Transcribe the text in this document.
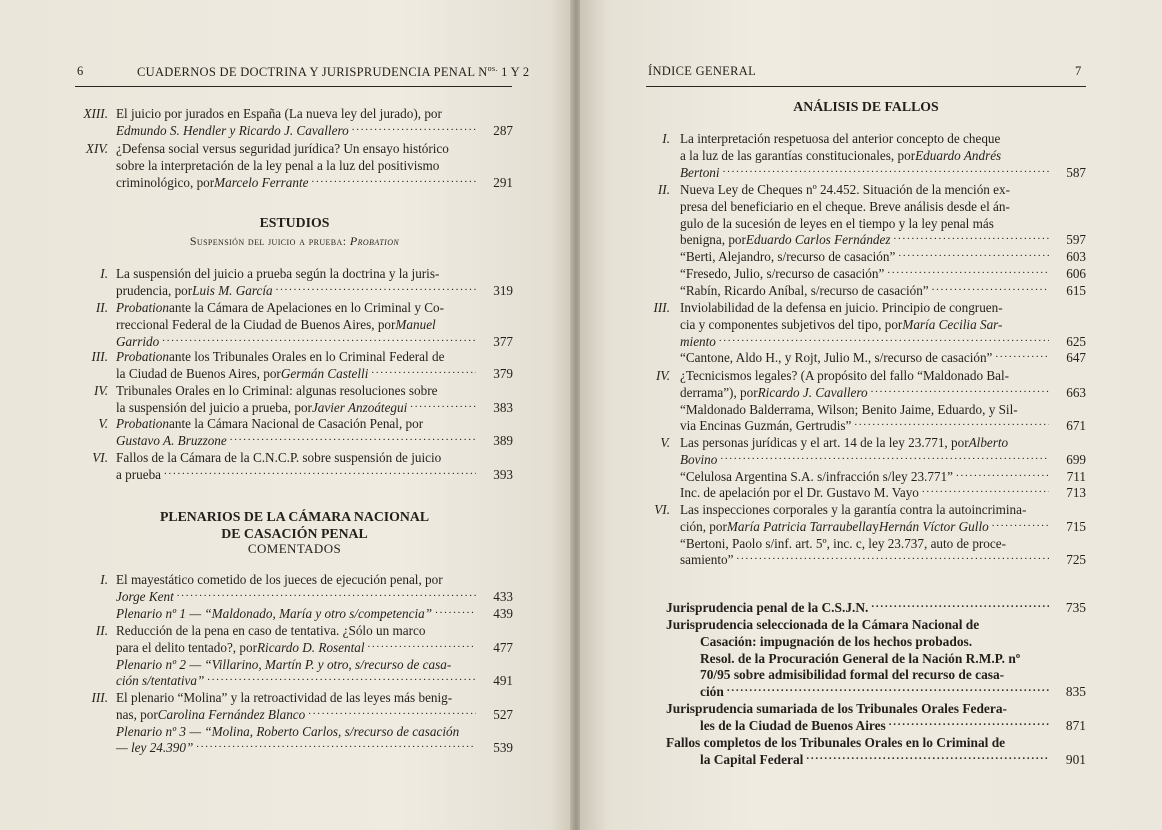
6	CUADERNOS DE DOCTRINA Y JURISPRUDENCIA PENAL $N^{os.}$ 1 Y 2
XIII. El juicio por jurados en España (La nueva ley del jurado), por
Edmundo S. Hendler y Ricardo J. Cavallero . . .	287
XIV. ¿Defensa social versus seguridad jurídica? Un ensayo histórico
sobre la interpretación de la ley penal a la luz del positivismo
criminológico, por Marcelo Ferrante . . .	291
ESTUDIOS
Suspensión del juicio a prueba: Probation
I. La suspensión del juicio a prueba según la doctrina y la juris-
prudencia, por Luis M. García . . .	319
II. Probation ante la Cámara de Apelaciones en lo Criminal y Co-
rreccional Federal de la Ciudad de Buenos Aires, por Manuel
Garrido . . .	377
III. Probation ante los Tribunales Orales en lo Criminal Federal de
la Ciudad de Buenos Aires, por Germán Castelli . . .	379
IV. Tribunales Orales en lo Criminal: algunas resoluciones sobre
la suspensión del juicio a prueba, por Javier Anzoátegui . . .	383
V. Probation ante la Cámara Nacional de Casación Penal, por
Gustavo A. Bruzzone . . .	389
VI. Fallos de la Cámara de la C.N.C.P. sobre suspensión de juicio
a prueba . . .	393
PLENARIOS DE LA CÁMARA NACIONAL
DE CASACIÓN PENAL
COMENTADOS
I. El mayestático cometido de los jueces de ejecución penal, por
Jorge Kent . . .	433
Plenario nº 1 — “Maldonado, María y otro s/competencia” . . .	439
II. Reducción de la pena en caso de tentativa. ¿Sólo un marco
para el delito tentado?, por Ricardo D. Rosental . . .	477
Plenario nº 2 — “Villarino, Martín P. y otro, s/recurso de casa-
ción s/tentativa” . . .	491
III. El plenario “Molina” y la retroactividad de las leyes más benig-
nas, por Carolina Fernández Blanco . . .	527
Plenario nº 3 — “Molina, Roberto Carlos, s/recurso de casación
— ley 24.390” . . .	539
ÍNDICE GENERAL	7
ANÁLISIS DE FALLOS
I. La interpretación respetuosa del anterior concepto de cheque
a la luz de las garantías constitucionales, por Eduardo Andrés
Bertoni . . .	587
II. Nueva Ley de Cheques nº 24.452. Situación de la mención ex-
presa del beneficiario en el cheque. Breve análisis desde el án-
gulo de la sucesión de leyes en el tiempo y la ley penal más
benigna, por Eduardo Carlos Fernández . . .	597
“Berti, Alejandro, s/recurso de casación” . . .	603
“Fresedo, Julio, s/recurso de casación” . . .	606
“Rabín, Ricardo Aníbal, s/recurso de casación” . . .	615
III. Inviolabilidad de la defensa en juicio. Principio de congruen-
cia y componentes subjetivos del tipo, por María Cecilia Sar-
miento . . .	625
“Cantone, Aldo H., y Rojt, Julio M., s/recurso de casación” . . .	647
IV. ¿Tecnicismos legales? (A propósito del fallo “Maldonado Bal-
derrama”), por Ricardo J. Cavallero . . .	663
“Maldonado Balderrama, Wilson; Benito Jaime, Eduardo, y Sil-
via Encinas Guzmán, Gertrudis” . . .	671
V. Las personas jurídicas y el art. 14 de la ley 23.771, por Alberto
Bovino . . .	699
“Celulosa Argentina S.A. s/infracción s/ley 23.771” . . .	711
Inc. de apelación por el Dr. Gustavo M. Vayo . . .	713
VI. Las inspecciones corporales y la garantía contra la autoincrimina-
ción, por María Patricia Tarraubella y Hernán Víctor Gullo . . .	715
“Bertoni, Paolo s/inf. art. 5º, inc. c, ley 23.737, auto de proce-
samiento” . . .	725
Jurisprudencia penal de la C.S.J.N. . . .	735
Jurisprudencia seleccionada de la Cámara Nacional de
Casación: impugnación de los hechos probados.
Resol. de la Procuración General de la Nación R.M.P. nº
70/95 sobre admisibilidad formal del recurso de casa-
ción . . .	835
Jurisprudencia sumariada de los Tribunales Orales Federa-
les de la Ciudad de Buenos Aires . . .	871
Fallos completos de los Tribunales Orales en lo Criminal de
la Capital Federal . . .	901
